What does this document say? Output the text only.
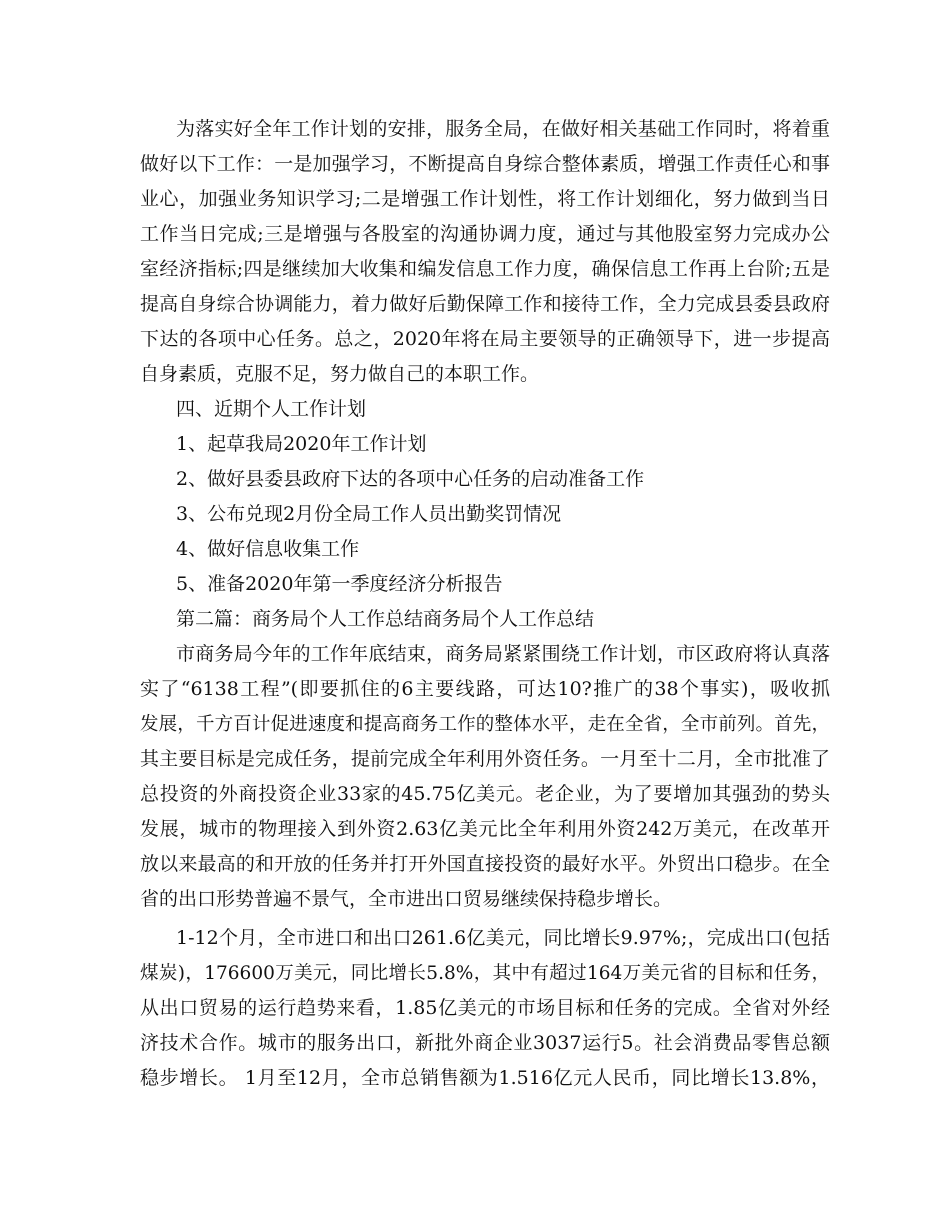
为落实好全年工作计划的安排，服务全局，在做好相关基础工作同时，将着重
做好以下工作：一是加强学习，不断提高自身综合整体素质，增强工作责任心和事
业心，加强业务知识学习;二是增强工作计划性，将工作计划细化，努力做到当日
工作当日完成;三是增强与各股室的沟通协调力度，通过与其他股室努力完成办公
室经济指标;四是继续加大收集和编发信息工作力度，确保信息工作再上台阶;五是
提高自身综合协调能力，着力做好后勤保障工作和接待工作，全力完成县委县政府
下达的各项中心任务。总之，2020年将在局主要领导的正确领导下，进一步提高
自身素质，克服不足，努力做自己的本职工作。
四、近期个人工作计划
1、起草我局2020年工作计划
2、做好县委县政府下达的各项中心任务的启动准备工作
3、公布兑现2月份全局工作人员出勤奖罚情况
4、做好信息收集工作
5、准备2020年第一季度经济分析报告
第二篇：商务局个人工作总结商务局个人工作总结
市商务局今年的工作年底结束，商务局紧紧围绕工作计划，市区政府将认真落
实了“6138工程”(即要抓住的6主要线路，可达10?推广的38个事实)，吸收抓
发展，千方百计促进速度和提高商务工作的整体水平，走在全省，全市前列。首先，
其主要目标是完成任务，提前完成全年利用外资任务。一月至十二月，全市批准了
总投资的外商投资企业33家的45.75亿美元。老企业，为了要增加其强劲的势头
发展，城市的物理接入到外资2.63亿美元比全年利用外资242万美元，在改革开
放以来最高的和开放的任务并打开外国直接投资的最好水平。外贸出口稳步。在全
省的出口形势普遍不景气，全市进出口贸易继续保持稳步增长。
1-12个月，全市进口和出口261.6亿美元，同比增长9.97%;，完成出口(包括
煤炭)，176600万美元，同比增长5.8%，其中有超过164万美元省的目标和任务，
从出口贸易的运行趋势来看，1.85亿美元的市场目标和任务的完成。全省对外经
济技术合作。城市的服务出口，新批外商企业3037运行5。社会消费品零售总额
稳步增长。 1月至12月，全市总销售额为1.516亿元人民币，同比增长13.8%，
